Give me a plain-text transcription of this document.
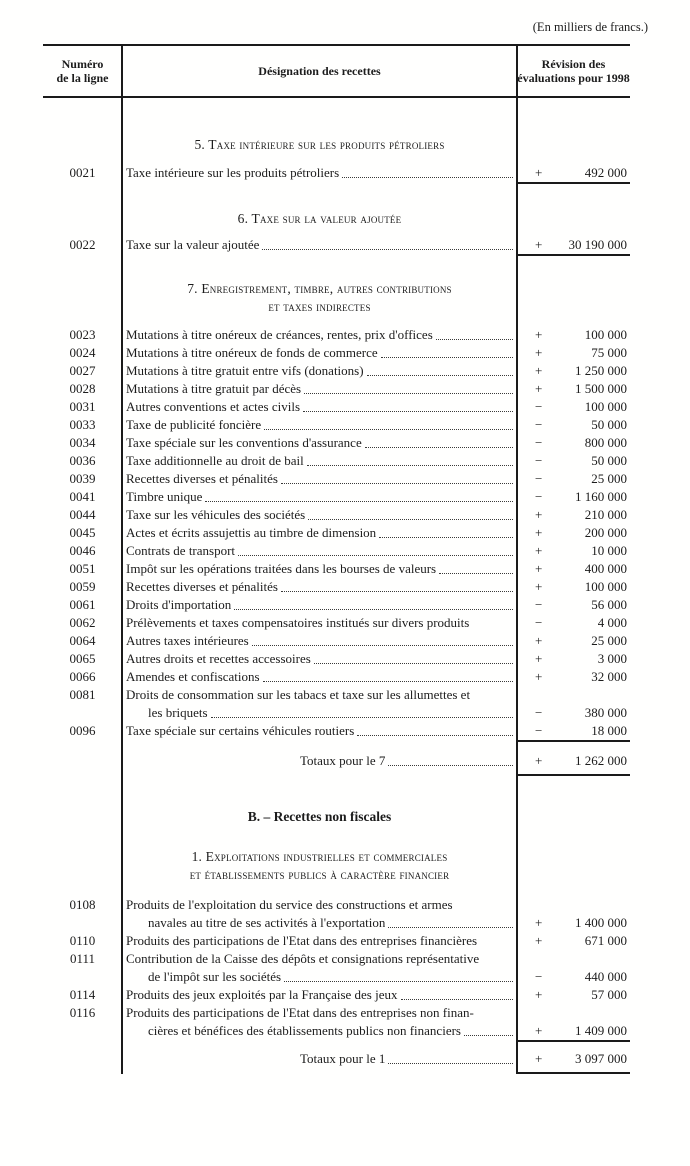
(En milliers de francs.)
Numéro
de la ligne
Désignation des recettes	Révision des
évaluations pour 1998
5. Taxe intérieure sur les produits pétroliers
0021	Taxe intérieure sur les produits pétroliers	+	492 000
6. Taxe sur la valeur ajoutée
0022	Taxe sur la valeur ajoutée	+	30 190 000
7. Enregistrement, timbre, autres contributions
et taxes indirectes
0023	Mutations à titre onéreux de créances, rentes, prix d'offices	+	100 000
0024	Mutations à titre onéreux de fonds de commerce	+	75 000
0027	Mutations à titre gratuit entre vifs (donations)	+	1 250 000
0028	Mutations à titre gratuit par décès	+	1 500 000
0031	Autres conventions et actes civils	−	100 000
0033	Taxe de publicité foncière	−	50 000
0034	Taxe spéciale sur les conventions d'assurance	−	800 000
0036	Taxe additionnelle au droit de bail	−	50 000
0039	Recettes diverses et pénalités	−	25 000
0041	Timbre unique	−	1 160 000
0044	Taxe sur les véhicules des sociétés	+	210 000
0045	Actes et écrits assujettis au timbre de dimension	+	200 000
0046	Contrats de transport	+	10 000
0051	Impôt sur les opérations traitées dans les bourses de valeurs	+	400 000
0059	Recettes diverses et pénalités	+	100 000
0061	Droits d'importation	−	56 000
0062	Prélèvements et taxes compensatoires institués sur divers produits	−	4 000
0064	Autres taxes intérieures	+	25 000
0065	Autres droits et recettes accessoires	+	3 000
0066	Amendes et confiscations	+	32 000
0081	Droits de consommation sur les tabacs et taxe sur les allumettes et
les briquets	−	380 000
0096	Taxe spéciale sur certains véhicules routiers	−	18 000
Totaux pour le 7	+	1 262 000
B. – Recettes non fiscales
1. Exploitations industrielles et commerciales
et établissements publics à caractère financier
0108	Produits de l'exploitation du service des constructions et armes
navales au titre de ses activités à l'exportation	+	1 400 000
0110	Produits des participations de l'Etat dans des entreprises financières	+	671 000
0111	Contribution de la Caisse des dépôts et consignations représentative
de l'impôt sur les sociétés	−	440 000
0114	Produits des jeux exploités par la Française des jeux	+	57 000
0116	Produits des participations de l'Etat dans des entreprises non finan-
cières et bénéfices des établissements publics non financiers	+	1 409 000
Totaux pour le 1	+	3 097 000
